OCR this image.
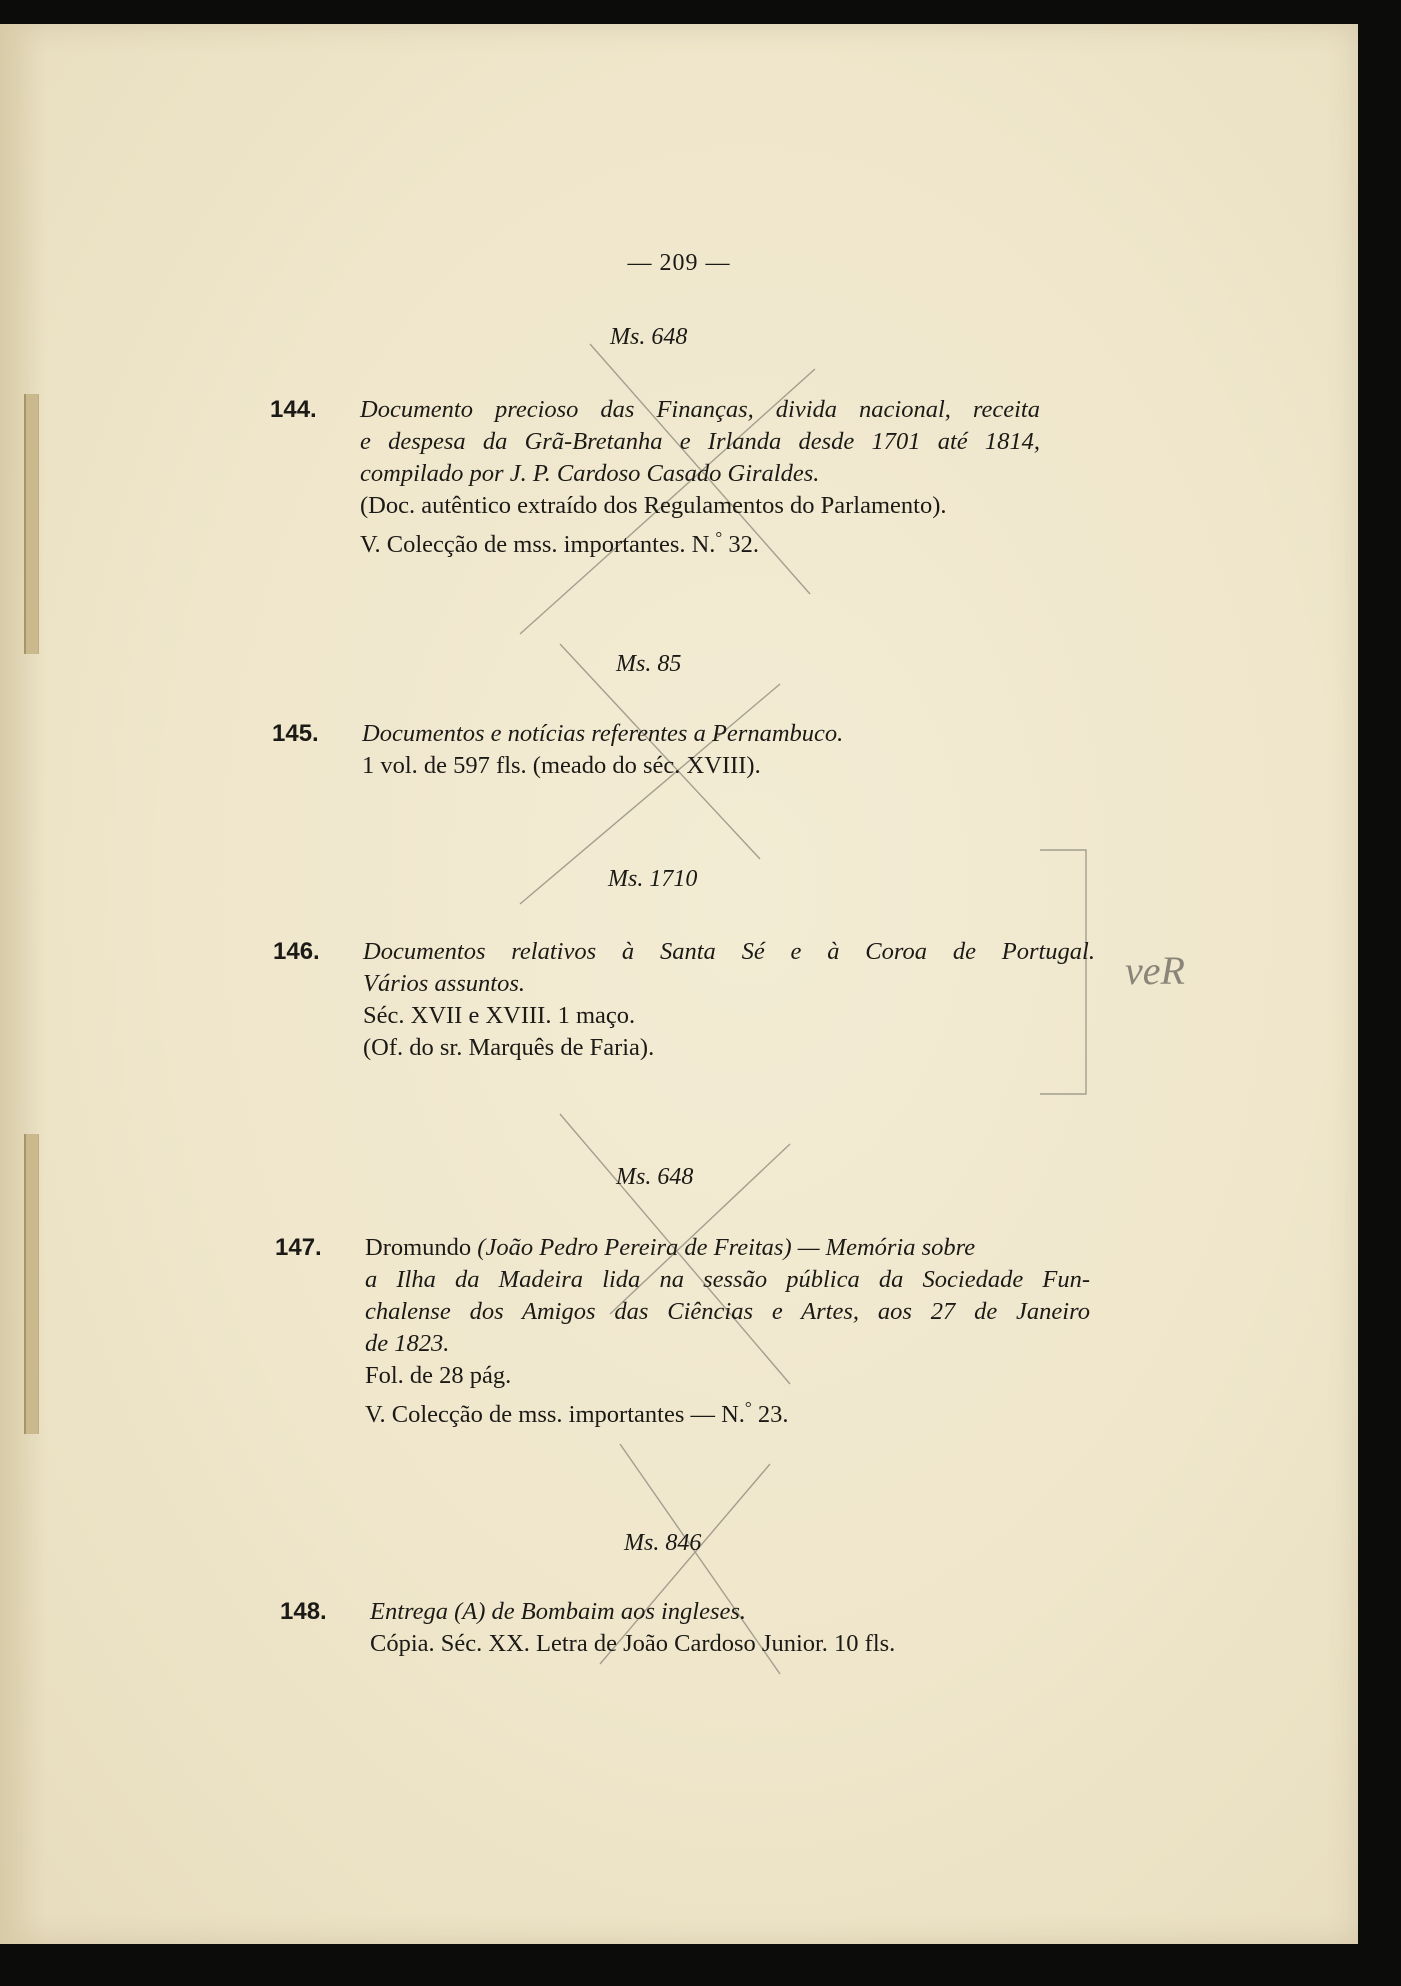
veR
— 209 —
Ms. 648
144. Documento precioso das Finanças, divida nacional, receita
e despesa da Grã-Bretanha e Irlanda desde 1701 até 1814,
compilado por J. P. Cardoso Casado Giraldes.
(Doc. autêntico extraído dos Regulamentos do Parlamento).
V. Colecção de mss. importantes. N.° 32.
Ms. 85
145. Documentos e notícias referentes a Pernambuco.
1 vol. de 597 fls. (meado do séc. XVIII).
Ms. 1710
146. Documentos relativos à Santa Sé e à Coroa de Portugal.
Vários assuntos.
Séc. XVII e XVIII. 1 maço.
(Of. do sr. Marquês de Faria).
Ms. 648
147. Dromundo (João Pedro Pereira de Freitas) — Memória sobre
a Ilha da Madeira lida na sessão pública da Sociedade Fun-
chalense dos Amigos das Ciências e Artes, aos 27 de Janeiro
de 1823.
Fol. de 28 pág.
V. Colecção de mss. importantes — N.° 23.
Ms. 846
148. Entrega (A) de Bombaim aos ingleses.
Cópia. Séc. XX. Letra de João Cardoso Junior. 10 fls.
